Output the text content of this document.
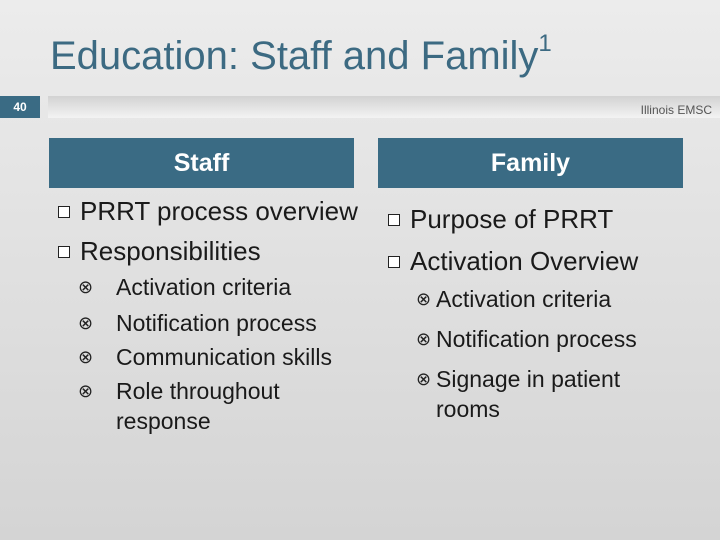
Education: Staff and Family$^1$
40	Illinois EMSC
Staff	Family
PRRT process overview
Responsibilities
⊗ Activation criteria
⊗ Notification process
⊗ Communication skills
⊗ Role throughout response
Purpose of PRRT
Activation Overview
⊗ Activation criteria
⊗ Notification process
⊗ Signage in patient rooms
